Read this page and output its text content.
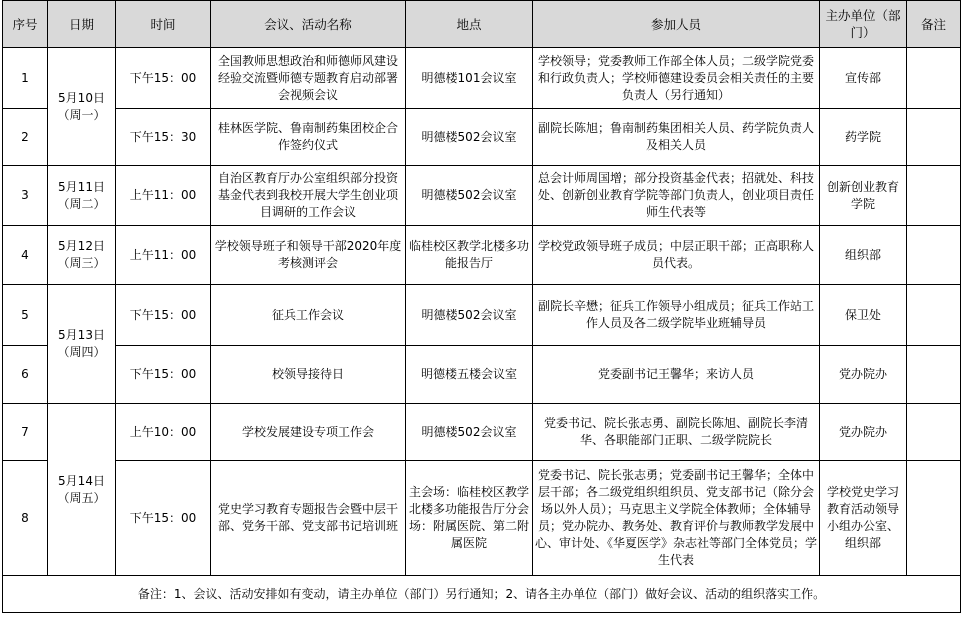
序号	日期	时间	会议、活动名称	地点	参加人员	主办单位（部门）	备注
1	5月10日（周一）	下午15：00	全国教师思想政治和师德师风建设经验交流暨师德专题教育启动部署会视频会议	明德楼101会议室	学校领导；党委教师工作部全体人员；二级学院党委和行政负责人；学校师德建设委员会相关责任的主要负责人（另行通知）	宣传部	
2		下午15：30	桂林医学院、鲁南制药集团校企合作签约仪式	明德楼502会议室	副院长陈旭；鲁南制药集团相关人员、药学院负责人及相关人员	药学院	
3	5月11日（周二）	上午11：00	自治区教育厅办公室组织部分投资基金代表到我校开展大学生创业项目调研的工作会议	明德楼502会议室	总会计师周国增；部分投资基金代表；招就处、科技处、创新创业教育学院等部门负责人，创业项目责任师生代表等	创新创业教育学院	
4	5月12日（周三）	上午11：00	学校领导班子和领导干部2020年度考核测评会	临桂校区教学北楼多功能报告厅	学校党政领导班子成员；中层正职干部；正高职称人员代表。	组织部	
5	5月13日（周四）	下午15：00	征兵工作会议	明德楼502会议室	副院长辛懋；征兵工作领导小组成员；征兵工作站工作人员及各二级学院毕业班辅导员	保卫处	
6		下午15：00	校领导接待日	明德楼五楼会议室	党委副书记王馨华；来访人员	党办院办	
7	5月14日（周五）	上午10：00	学校发展建设专项工作会	明德楼502会议室	党委书记、院长张志勇、副院长陈旭、副院长李清华、各职能部门正职、二级学院院长	党办院办	
8		下午15：00	党史学习教育专题报告会暨中层干部、党务干部、党支部书记培训班	主会场：临桂校区教学北楼多功能报告厅分会场：附属医院、第二附属医院	党委书记、院长张志勇；党委副书记王馨华；全体中层干部；各二级党组织组织员、党支部书记（除分会场以外人员）；马克思主义学院全体教师；全体辅导员；党办院办、教务处、教育评价与教师教学发展中心、审计处、《华夏医学》杂志社等部门全体党员；学生代表	学校党史学习教育活动领导小组办公室、组织部	
备注：1、会议、活动安排如有变动，请主办单位（部门）另行通知；2、请各主办单位（部门）做好会议、活动的组织落实工作。							
